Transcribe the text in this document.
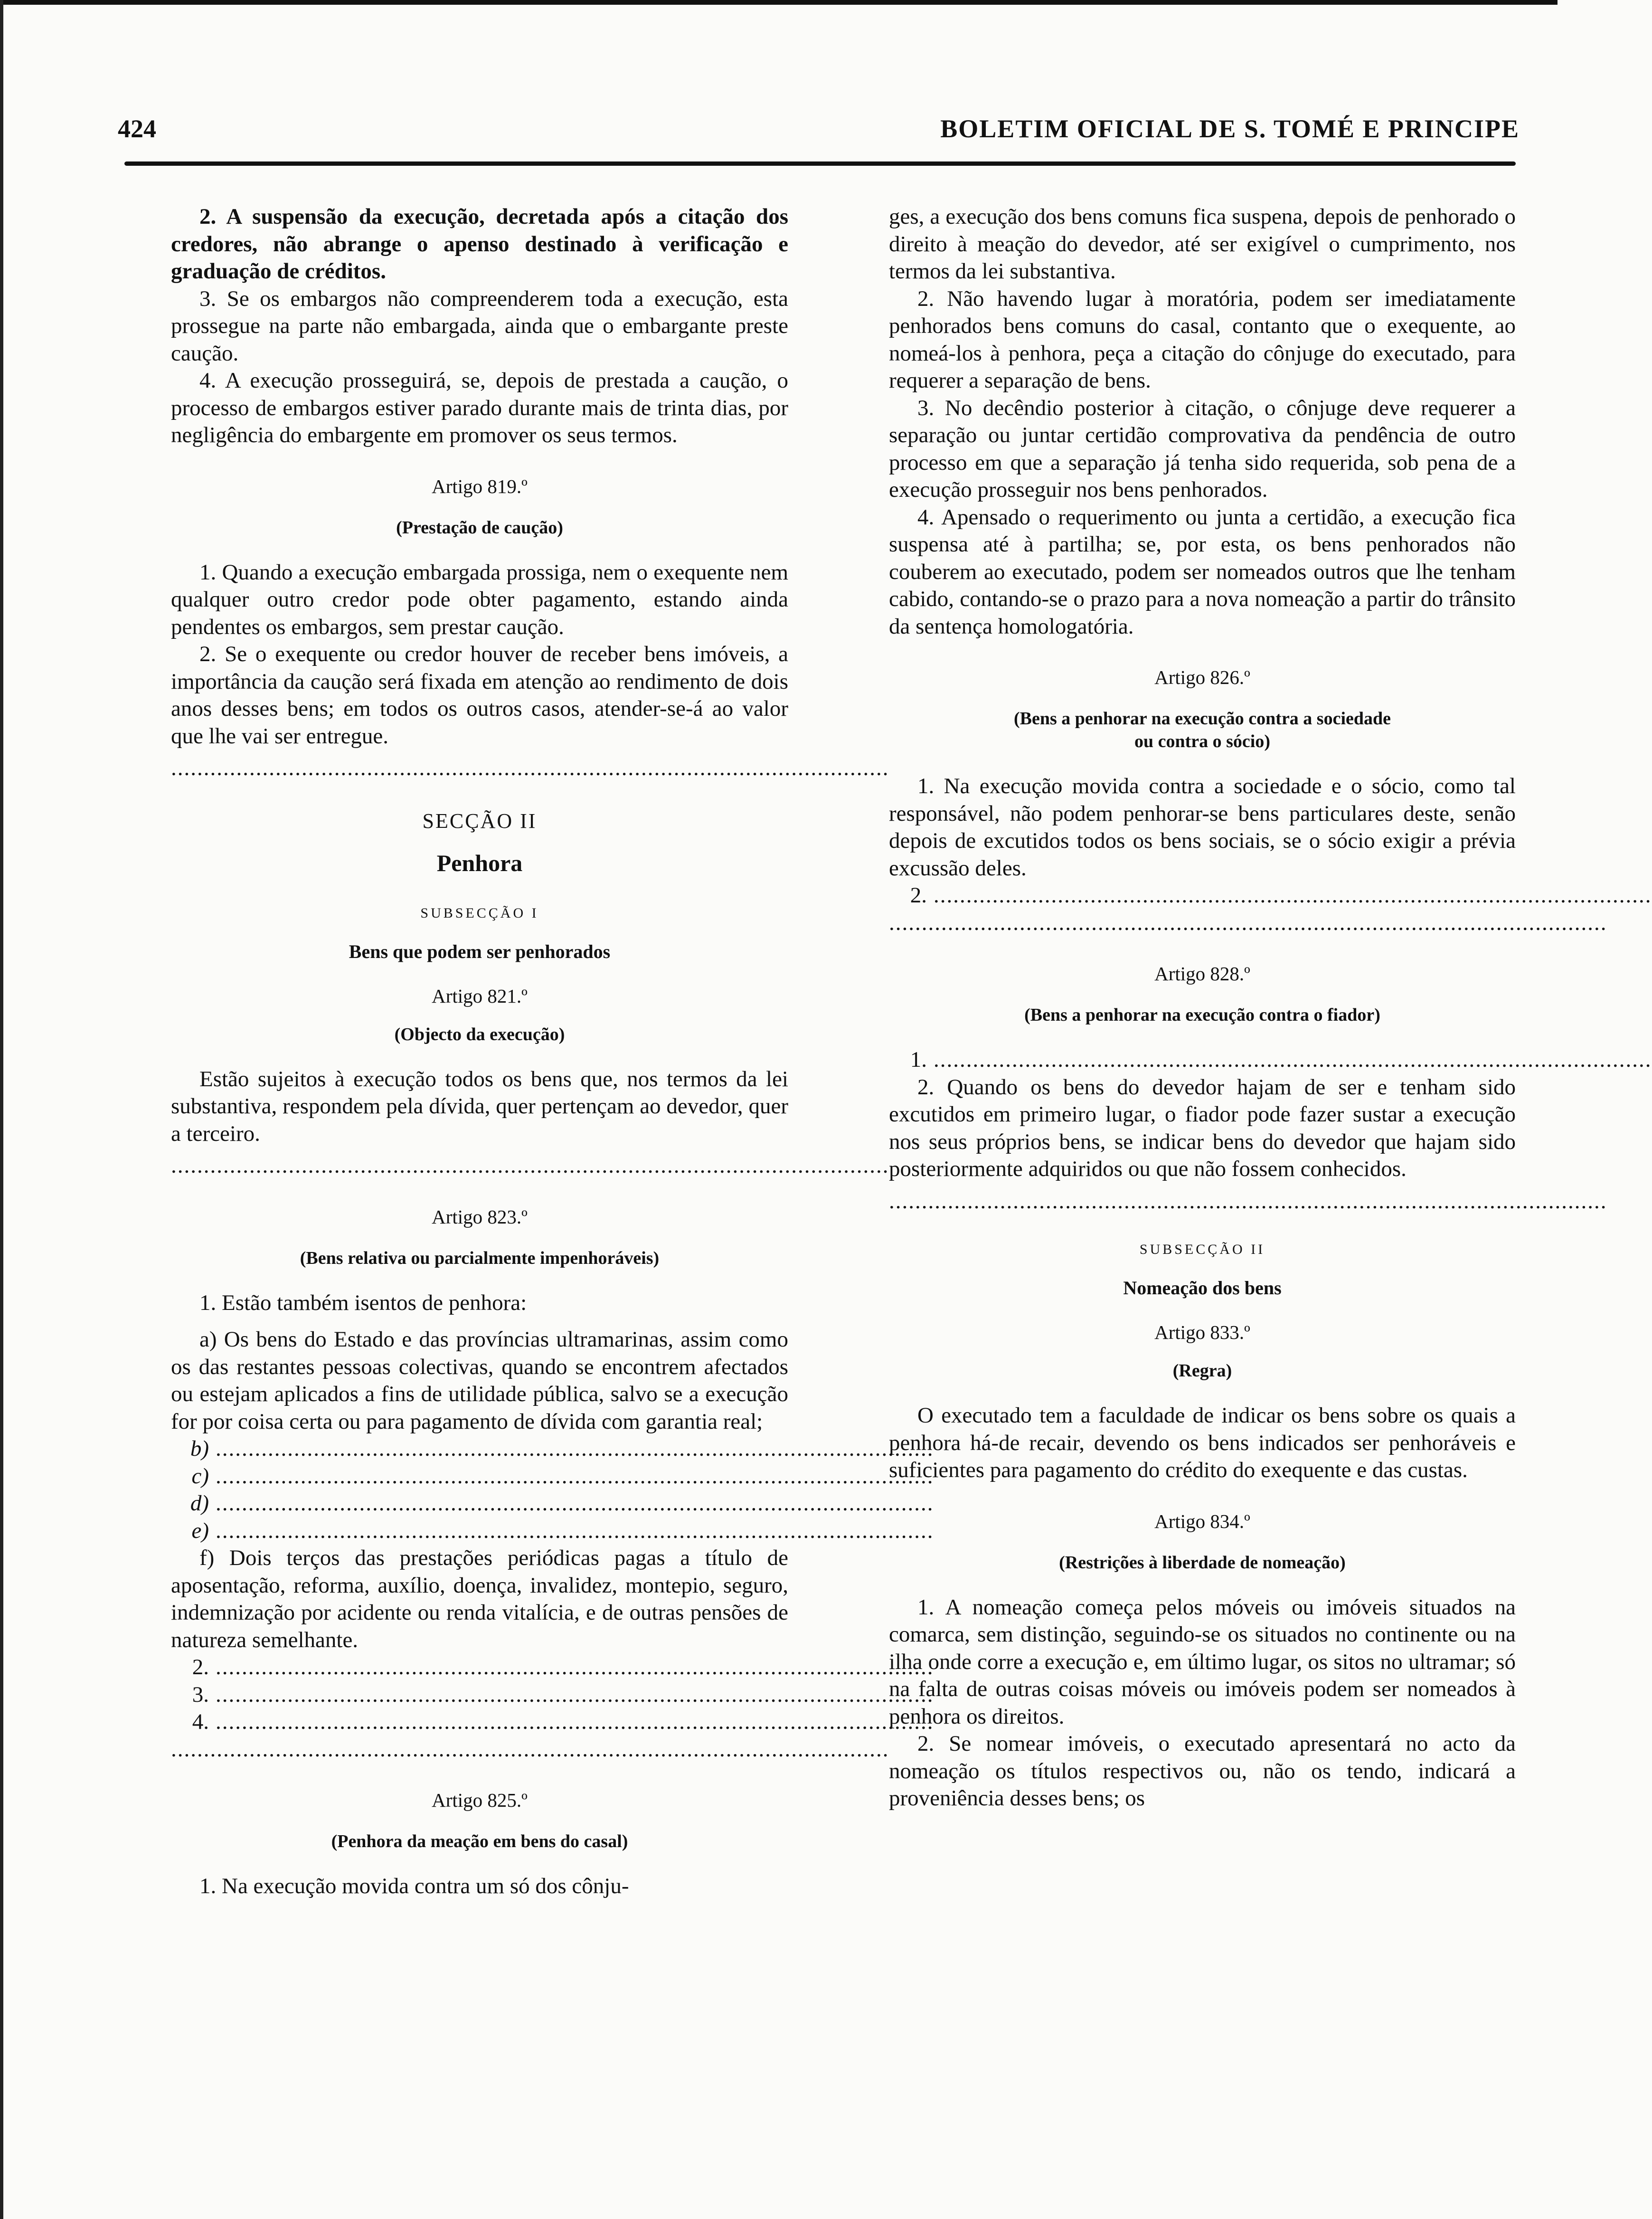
424	BOLETIM OFICIAL DE S. TOMÉ E PRINCIPE

2. A suspensão da execução, decretada após a citação dos credores, não abrange o apenso destinado à verificação e graduação de créditos.

3. Se os embargos não compreenderem toda a execução, esta prossegue na parte não embargada, ainda que o embargante preste caução.

4. A execução prosseguirá, se, depois de prestada a caução, o processo de embargos estiver parado durante mais de trinta dias, por negligência do embargente em promover os seus termos.

Artigo 819.º
(Prestação de caução)

1. Quando a execução embargada prossiga, nem o exequente nem qualquer outro credor pode obter pagamento, estando ainda pendentes os embargos, sem prestar caução.

2. Se o exequente ou credor houver de receber bens imóveis, a importância da caução será fixada em atenção ao rendimento de dois anos desses bens; em todos os outros casos, atender-se-á ao valor que lhe vai ser entregue.

..............................................................................................................
SECÇÃO II
Penhora
SUBSECÇÃO I
Bens que podem ser penhorados
Artigo 821.º
(Objecto da execução)

Estão sujeitos à execução todos os bens que, nos termos da lei substantiva, respondem pela dívida, quer pertençam ao devedor, quer a terceiro.

..............................................................................................................
Artigo 823.º
(Bens relativa ou parcialmente impenhoráveis)

1. Estão também isentos de penhora:

a) Os bens do Estado e das províncias ultramarinas, assim como os das restantes pessoas colectivas, quando se encontrem afectados ou estejam aplicados a fins de utilidade pública, salvo se a execução for por coisa certa ou para pagamento de dívida com garantia real;

b) ..............................................................................................................
c) ..............................................................................................................
d) ..............................................................................................................
e) ..............................................................................................................

f) Dois terços das prestações periódicas pagas a título de aposentação, reforma, auxílio, doença, invalidez, montepio, seguro, indemnização por acidente ou renda vitalícia, e de outras pensões de natureza semelhante.

2. ..............................................................................................................
3. ..............................................................................................................
4. ..............................................................................................................
..............................................................................................................
Artigo 825.º
(Penhora da meação em bens do casal)

1. Na execução movida contra um só dos cônju-

ges, a execução dos bens comuns fica suspena, depois de penhorado o direito à meação do devedor, até ser exigível o cumprimento, nos termos da lei substantiva.

2. Não havendo lugar à moratória, podem ser imediatamente penhorados bens comuns do casal, contanto que o exequente, ao nomeá-los à penhora, peça a citação do cônjuge do executado, para requerer a separação de bens.

3. No decêndio posterior à citação, o cônjuge deve requerer a separação ou juntar certidão comprovativa da pendência de outro processo em que a separação já tenha sido requerida, sob pena de a execução prosseguir nos bens penhorados.

4. Apensado o requerimento ou junta a certidão, a execução fica suspensa até à partilha; se, por esta, os bens penhorados não couberem ao executado, podem ser nomeados outros que lhe tenham cabido, contando-se o prazo para a nova nomeação a partir do trânsito da sentença homologatória.

Artigo 826.º
(Bens a penhorar na execução contra a sociedade
ou contra o sócio)

1. Na execução movida contra a sociedade e o sócio, como tal responsável, não podem penhorar-se bens particulares deste, senão depois de excutidos todos os bens sociais, se o sócio exigir a prévia excussão deles.

2. ..............................................................................................................
..............................................................................................................
Artigo 828.º
(Bens a penhorar na execução contra o fiador)
1. ..............................................................................................................

2. Quando os bens do devedor hajam de ser e tenham sido excutidos em primeiro lugar, o fiador pode fazer sustar a execução nos seus próprios bens, se indicar bens do devedor que hajam sido posteriormente adquiridos ou que não fossem conhecidos.

..............................................................................................................
SUBSECÇÃO II
Nomeação dos bens
Artigo 833.º
(Regra)

O executado tem a faculdade de indicar os bens sobre os quais a penhora há-de recair, devendo os bens indicados ser penhoráveis e suficientes para pagamento do crédito do exequente e das custas.

Artigo 834.º
(Restrições à liberdade de nomeação)

1. A nomeação começa pelos móveis ou imóveis situados na comarca, sem distinção, seguindo-se os situados no continente ou na ilha onde corre a execução e, em último lugar, os sitos no ultramar; só na falta de outras coisas móveis ou imóveis podem ser nomeados à penhora os direitos.

2. Se nomear imóveis, o executado apresentará no acto da nomeação os títulos respectivos ou, não os tendo, indicará a proveniência desses bens; os
